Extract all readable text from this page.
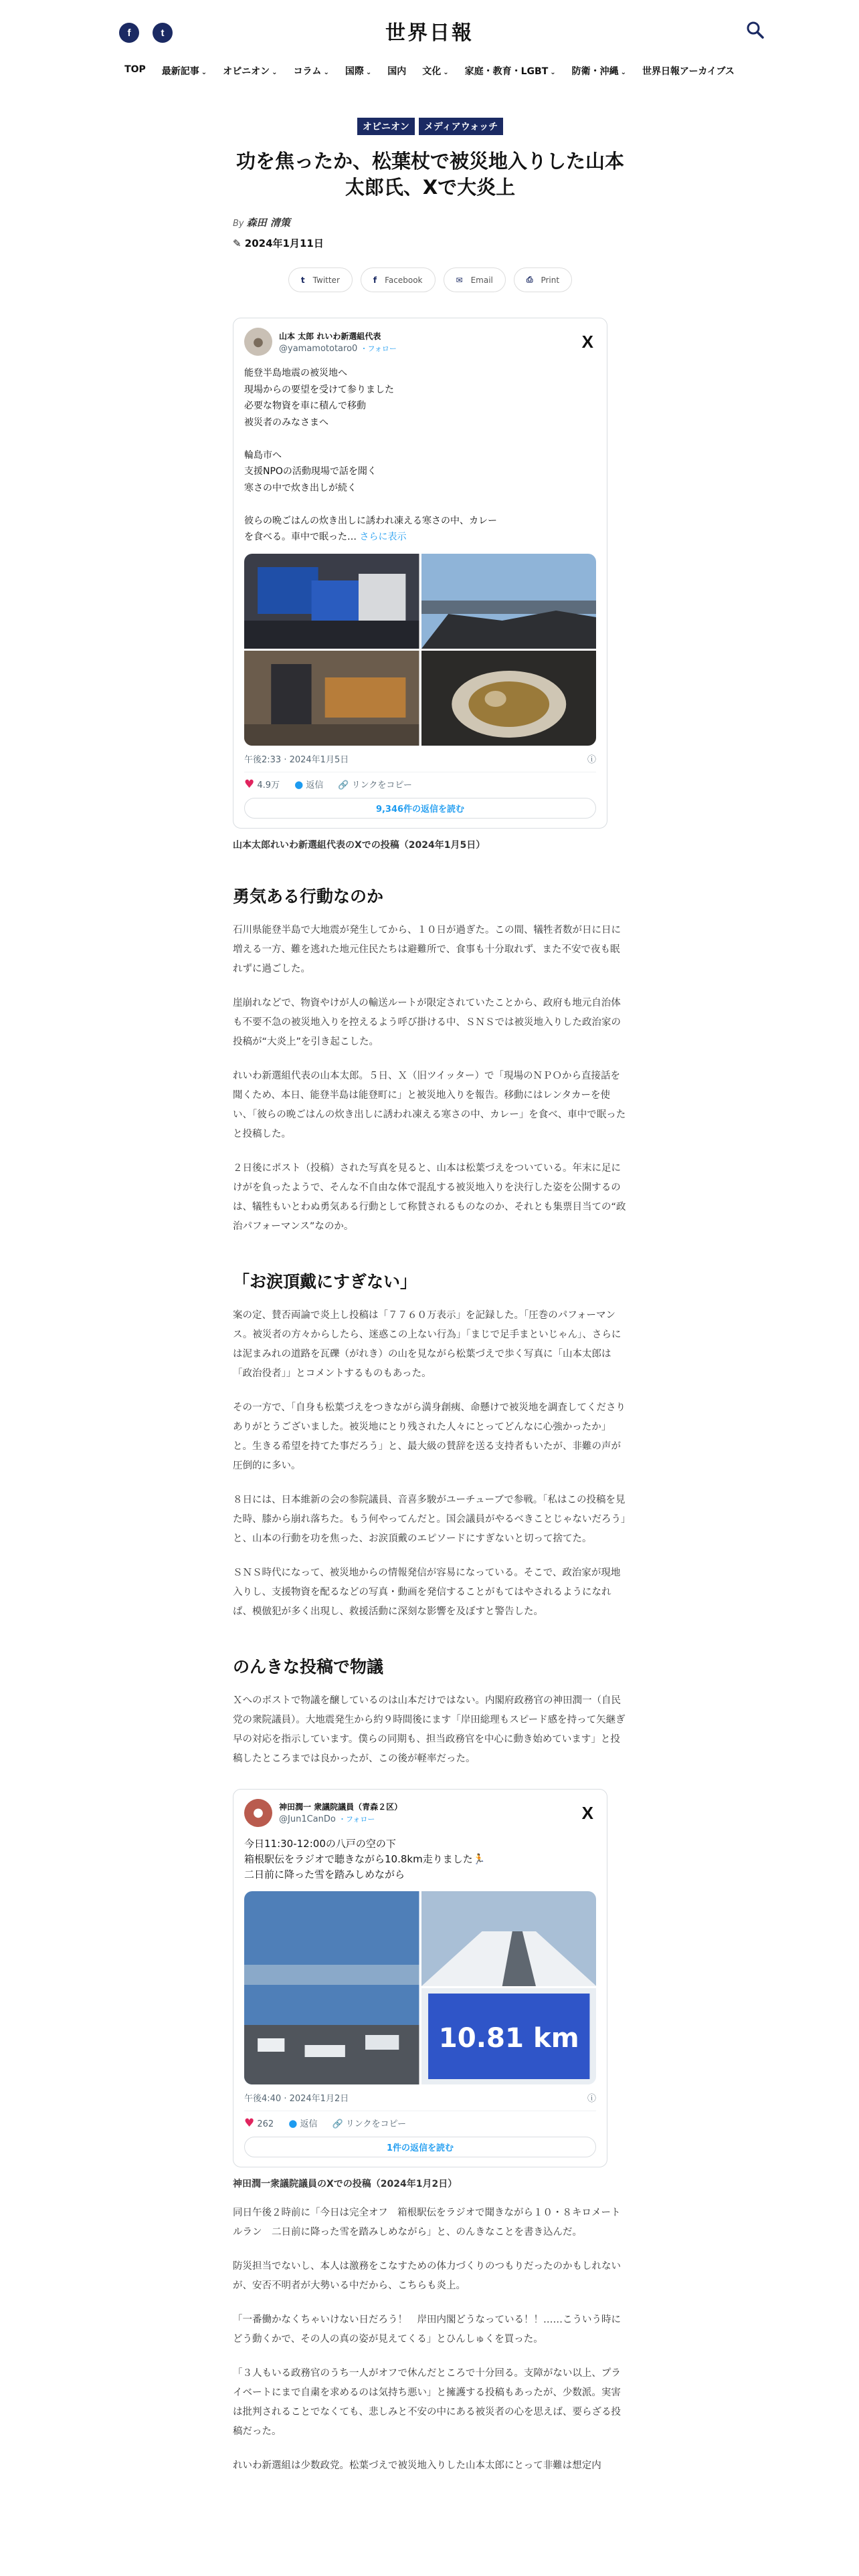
f	t	世界日報
TOP 最新記事 ⌄ オピニオン ⌄ コラム ⌄ 国際 ⌄ 国内 文化 ⌄ 家庭・教育・LGBT ⌄ 防衛・沖縄 ⌄ 世界日報アーカイブス
オピニオン	メディアウォッチ
功を焦ったか、松葉杖で被災地入りした山本太郎氏、Xで大炎上
By 森田 清策
✎ 2024年1月11日
t Twitter	f Facebook	✉ Email	⎙ Print
●	山本 太郎 れいわ新選組代表
@yamamototaro0 ・フォロー	X
能登半島地震の被災地へ
現場からの要望を受けて参りました
必要な物資を車に積んで移動
被災者のみなさまへ

輪島市へ
支援NPOの活動現場で話を聞く
寒さの中で炊き出しが続く

彼らの晩ごはんの炊き出しに誘われ凍える寒さの中、カレー
を食べる。車中で眠った… さらに表示
午後2:33 · 2024年1月5日	ⓘ
♥ 4.9万 ● 返信 🔗 リンクをコピー
9,346件の返信を読む
山本太郎れいわ新選組代表のXでの投稿（2024年1月5日）
勇気ある行動なのか

石川県能登半島で大地震が発生してから、１０日が過ぎた。この間、犠牲者数が日に日に増える一方、難を逃れた地元住民たちは避難所で、食事も十分取れず、また不安で夜も眠れずに過ごした。

崖崩れなどで、物資やけが人の輸送ルートが限定されていたことから、政府も地元自治体も不要不急の被災地入りを控えるよう呼び掛ける中、ＳＮＳでは被災地入りした政治家の投稿が“大炎上”を引き起こした。

れいわ新選組代表の山本太郎。５日、Ｘ（旧ツイッター）で「現場のＮＰＯから直接話を聞くため、本日、能登半島は能登町に」と被災地入りを報告。移動にはレンタカーを使い、「彼らの晩ごはんの炊き出しに誘われ凍える寒さの中、カレー」を食べ、車中で眠ったと投稿した。

２日後にポスト（投稿）された写真を見ると、山本は松葉づえをついている。年末に足にけがを負ったようで、そんな不自由な体で混乱する被災地入りを決行した姿を公開するのは、犠牲もいとわぬ勇気ある行動として称賛されるものなのか、それとも集票目当ての“政治パフォーマンス”なのか。

「お涙頂戴にすぎない」

案の定、賛否両論で炎上し投稿は「７７６０万表示」を記録した。「圧巻のパフォーマンス。被災者の方々からしたら、迷惑この上ない行為」「まじで足手まといじゃん」、さらには泥まみれの道路を瓦礫（がれき）の山を見ながら松葉づえで歩く写真に「山本太郎は「政治役者」」とコメントするものもあった。

その一方で、「自身も松葉づえをつきながら満身創痍、命懸けで被災地を調査してくださりありがとうございました。被災地にとり残された人々にとってどんなに心強かったか」と。生きる希望を持てた事だろう」と、最大級の賛辞を送る支持者もいたが、非難の声が圧倒的に多い。

８日には、日本維新の会の参院議員、音喜多駿がユーチューブで参戦。「私はこの投稿を見た時、膝から崩れ落ちた。もう何やってんだと。国会議員がやるべきことじゃないだろう」と、山本の行動を功を焦った、お涙頂戴のエピソードにすぎないと切って捨てた。

ＳＮＳ時代になって、被災地からの情報発信が容易になっている。そこで、政治家が現地入りし、支援物資を配るなどの写真・動画を発信することがもてはやされるようになれば、模倣犯が多く出現し、救援活動に深刻な影響を及ぼすと警告した。

のんきな投稿で物議

Ｘへのポストで物議を醸しているのは山本だけではない。内閣府政務官の神田潤一（自民党の衆院議員）。大地震発生から約９時間後にます「岸田総理もスピード感を持って矢継ぎ早の対応を指示しています。僕らの同期も、担当政務官を中心に動き始めています」と投稿したところまでは良かったが、この後が軽率だった。

●	神田潤一 衆議院議員（青森２区）
@Jun1CanDo ・フォロー	X
今日11:30-12:00の八戸の空の下
箱根駅伝をラジオで聴きながら10.8km走りました🏃
二日前に降った雪を踏みしめながら
10.81 km
午後4:40 · 2024年1月2日	ⓘ
♥ 262 ● 返信 🔗 リンクをコピー
1件の返信を読む
神田潤一衆議院議員のXでの投稿（2024年1月2日）

同日午後２時前に「今日は完全オフ　箱根駅伝をラジオで聞きながら１０・８キロメートルラン　二日前に降った雪を踏みしめながら」と、のんきなことを書き込んだ。

防災担当でないし、本人は激務をこなすための体力づくりのつもりだったのかもしれないが、安否不明者が大勢いる中だから、こちらも炎上。

「一番働かなくちゃいけない日だろう！　岸田内閣どうなっている！！……こういう時にどう動くかで、その人の真の姿が見えてくる」とひんしゅくを買った。

「３人もいる政務官のうち一人がオフで休んだところで十分回る。支障がない以上、プライベートにまで自粛を求めるのは気持ち悪い」と擁護する投稿もあったが、少数派。実害は批判されることでなくても、悲しみと不安の中にある被災者の心を思えば、要らざる投稿だった。

れいわ新選組は少数政党。松葉づえで被災地入りした山本太郎にとって非難は想定内
